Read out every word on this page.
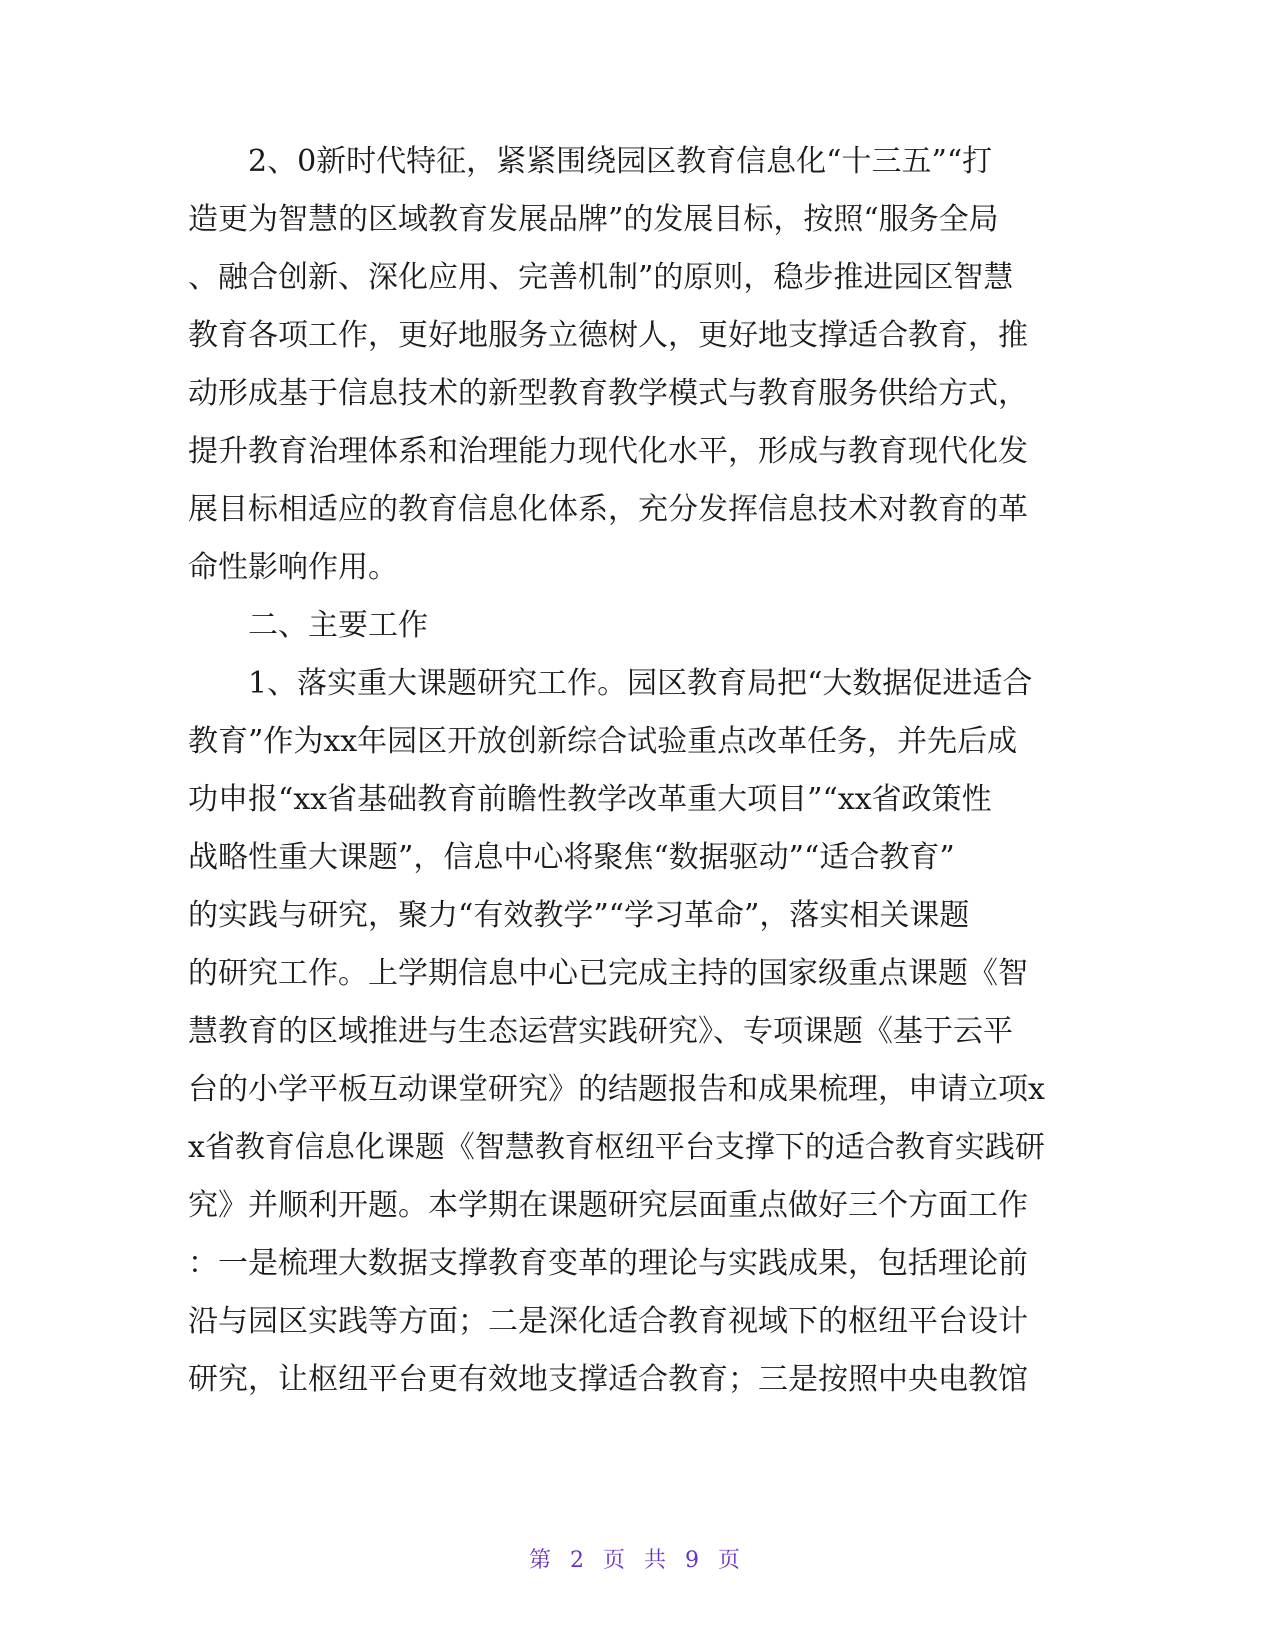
2、0新时代特征，紧紧围绕园区教育信息化“十三五”“打
造更为智慧的区域教育发展品牌”的发展目标，按照“服务全局
、融合创新、深化应用、完善机制”的原则，稳步推进园区智慧
教育各项工作，更好地服务立德树人，更好地支撑适合教育，推
动形成基于信息技术的新型教育教学模式与教育服务供给方式，
提升教育治理体系和治理能力现代化水平，形成与教育现代化发
展目标相适应的教育信息化体系，充分发挥信息技术对教育的革
命性影响作用。
二、主要工作
1、落实重大课题研究工作。园区教育局把“大数据促进适合
教育”作为xx年园区开放创新综合试验重点改革任务，并先后成
功申报“xx省基础教育前瞻性教学改革重大项目”“xx省政策性
战略性重大课题”，信息中心将聚焦“数据驱动”“适合教育”
的实践与研究，聚力“有效教学”“学习革命”，落实相关课题
的研究工作。上学期信息中心已完成主持的国家级重点课题《智
慧教育的区域推进与生态运营实践研究》、专项课题《基于云平
台的小学平板互动课堂研究》的结题报告和成果梳理，申请立项x
x省教育信息化课题《智慧教育枢纽平台支撑下的适合教育实践研
究》并顺利开题。本学期在课题研究层面重点做好三个方面工作
：一是梳理大数据支撑教育变革的理论与实践成果，包括理论前
沿与园区实践等方面；二是深化适合教育视域下的枢纽平台设计
研究，让枢纽平台更有效地支撑适合教育；三是按照中央电教馆
第 2 页 共 9 页
